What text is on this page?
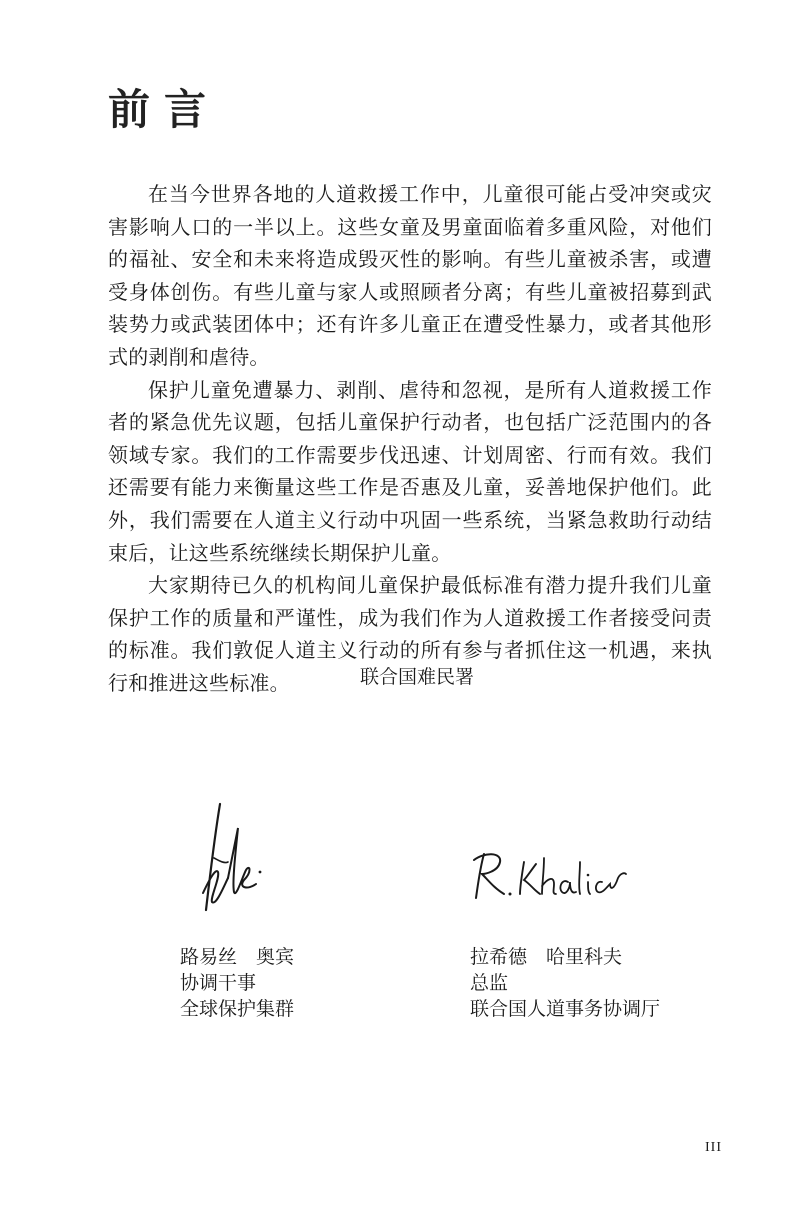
前言

在当今世界各地的人道救援工作中，儿童很可能占受冲突或灾害影响人口的一半以上。这些女童及男童面临着多重风险，对他们的福祉、安全和未来将造成毁灭性的影响。有些儿童被杀害，或遭受身体创伤。有些儿童与家人或照顾者分离；有些儿童被招募到武装势力或武装团体中；还有许多儿童正在遭受性暴力，或者其他形式的剥削和虐待。

保护儿童免遭暴力、剥削、虐待和忽视，是所有人道救援工作者的紧急优先议题，包括儿童保护行动者，也包括广泛范围内的各领域专家。我们的工作需要步伐迅速、计划周密、行而有效。我们还需要有能力来衡量这些工作是否惠及儿童，妥善地保护他们。此外，我们需要在人道主义行动中巩固一些系统，当紧急救助行动结束后，让这些系统继续长期保护儿童。

大家期待已久的机构间儿童保护最低标准有潜力提升我们儿童保护工作的质量和严谨性，成为我们作为人道救援工作者接受问责的标准。我们敦促人道主义行动的所有参与者抓住这一机遇，来执行和推进这些标准。	联合国难民署
路易丝　奥宾
协调干事
全球保护集群
拉希德　哈里科夫
总监
联合国人道事务协调厅
III
